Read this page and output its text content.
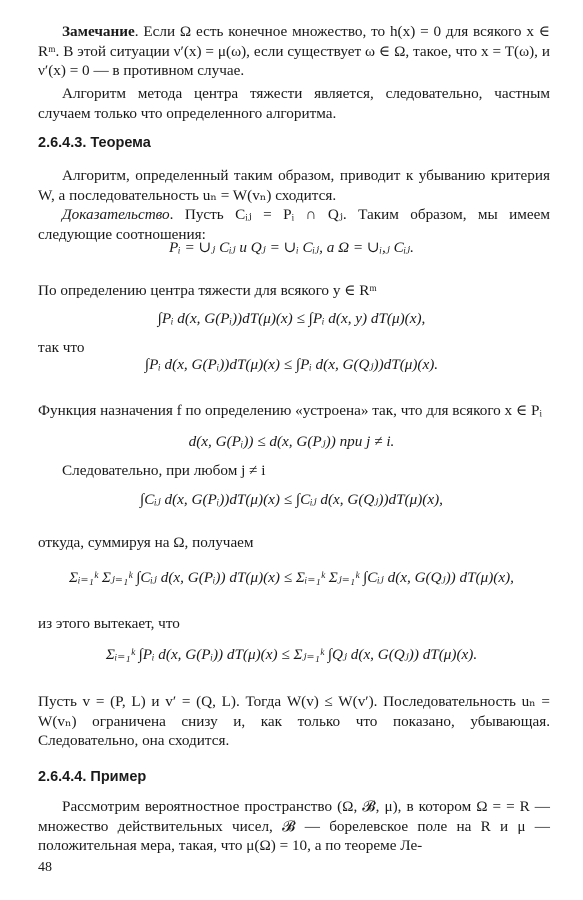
Замечание. Если Ω есть конечное множество, то h(x) = 0 для всякого x ∈ Rᵐ. В этой ситуации ν′(x) = μ(ω), если существует ω ∈ Ω, такое, что x = T(ω), и ν′(x) = 0 — в противном случае.

Алгоритм метода центра тяжести является, следовательно, частным случаем только что определенного алгоритма.

2.6.4.3. Теорема

Алгоритм, определенный таким образом, приводит к убыванию критерия W, а последовательность uₙ = W(vₙ) сходится.

Доказательство. Пусть Cᵢⱼ = Pᵢ ∩ Qⱼ. Таким образом, мы имеем следующие соотношения:

Pᵢ = ∪ⱼ Cᵢⱼ и Qⱼ = ∪ᵢ Cᵢⱼ, а Ω = ∪ᵢ,ⱼ Cᵢⱼ.

По определению центра тяжести для всякого y ∈ Rᵐ

∫Pᵢ d(x, G(Pᵢ))dT(μ)(x) ≤ ∫Pᵢ d(x, y) dT(μ)(x),

так что

∫Pᵢ d(x, G(Pᵢ))dT(μ)(x) ≤ ∫Pᵢ d(x, G(Qⱼ))dT(μ)(x).

Функция назначения f по определению «устроена» так, что для всякого x ∈ Pᵢ

d(x, G(Pᵢ)) ≤ d(x, G(Pⱼ)) при j ≠ i.

Следовательно, при любом j ≠ i

∫Cᵢⱼ d(x, G(Pᵢ))dT(μ)(x) ≤ ∫Cᵢⱼ d(x, G(Qⱼ))dT(μ)(x),

откуда, суммируя на Ω, получаем

Σᵢ₌₁ᵏ Σⱼ₌₁ᵏ ∫Cᵢⱼ d(x, G(Pᵢ)) dT(μ)(x) ≤ Σᵢ₌₁ᵏ Σⱼ₌₁ᵏ ∫Cᵢⱼ d(x, G(Qⱼ)) dT(μ)(x),

из этого вытекает, что

Σᵢ₌₁ᵏ ∫Pᵢ d(x, G(Pᵢ)) dT(μ)(x) ≤ Σⱼ₌₁ᵏ ∫Qⱼ d(x, G(Qⱼ)) dT(μ)(x).

Пусть v = (P, L) и v′ = (Q, L). Тогда W(v) ≤ W(v′). Последовательность uₙ = W(vₙ) ограничена снизу и, как только что показано, убывающая. Следовательно, она сходится.

2.6.4.4. Пример

Рассмотрим вероятностное пространство (Ω, 𝓑, μ), в котором Ω = = R — множество действительных чисел, 𝓑 — борелевское поле на R и μ — положительная мера, такая, что μ(Ω) = 10, а по теореме Ле-

48
